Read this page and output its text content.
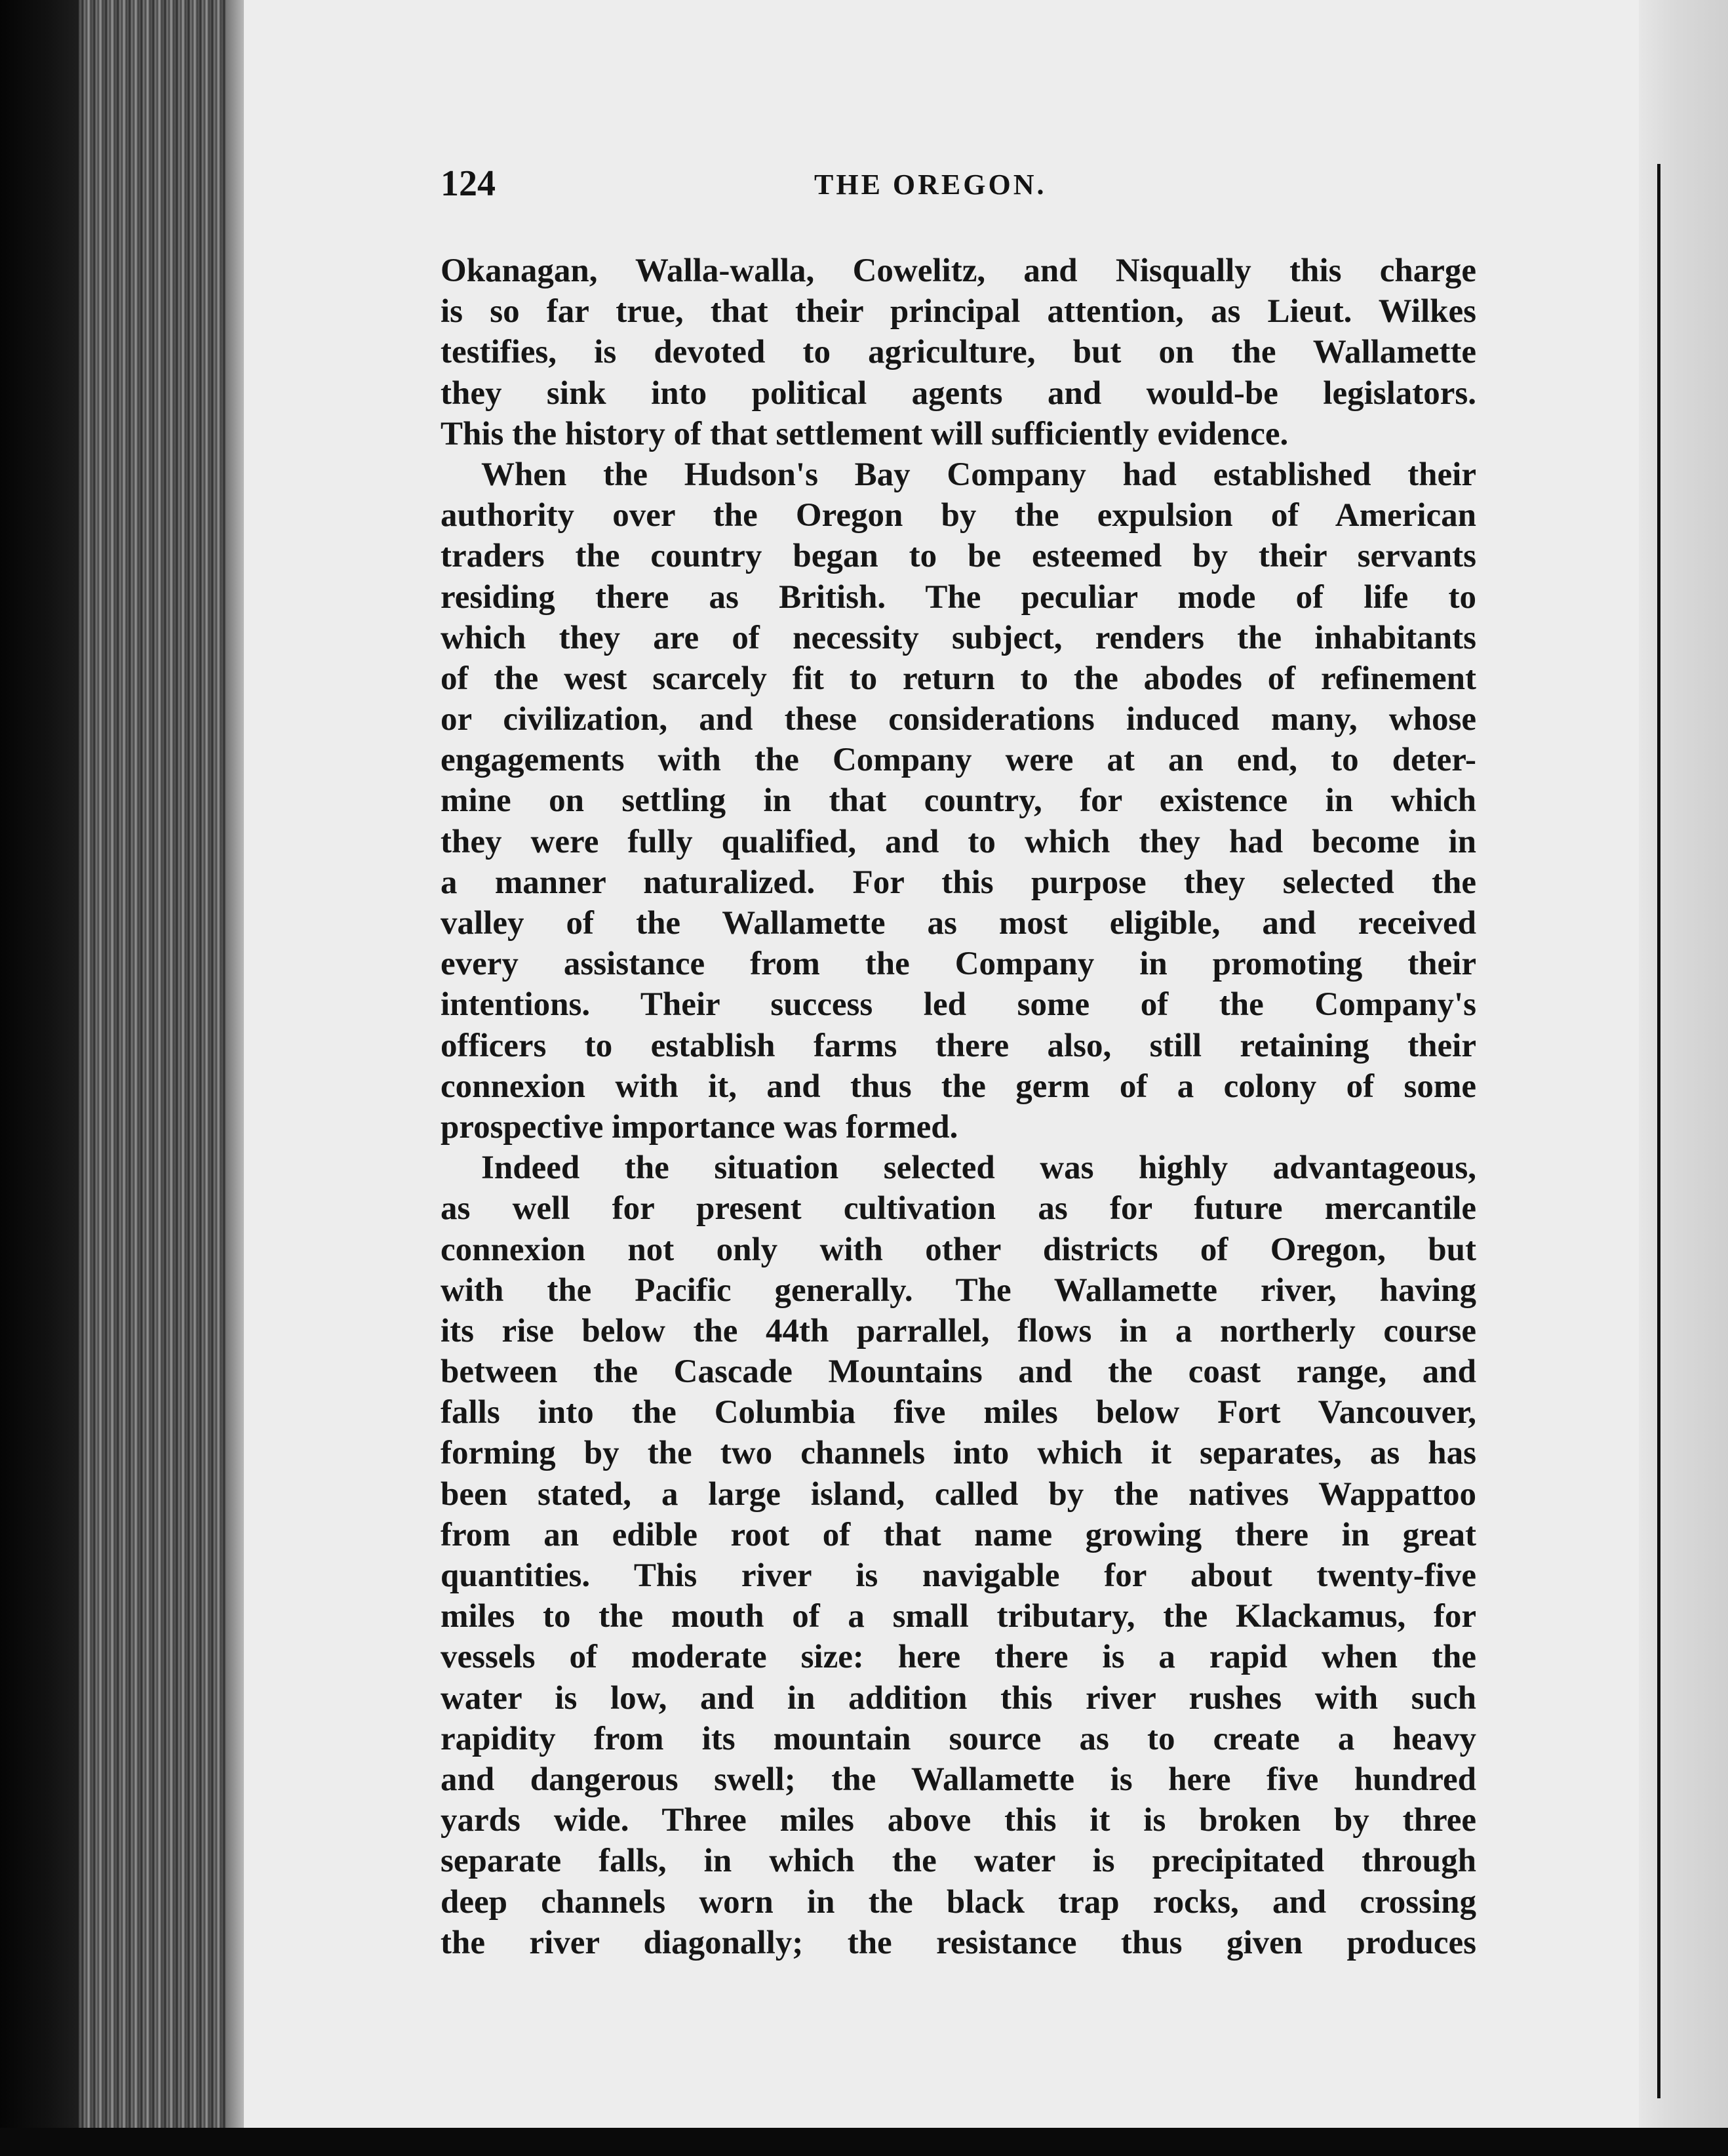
124	THE OREGON.
Okanagan, Walla-walla, Cowelitz, and Nisqually this charge
is so far true, that their principal attention, as Lieut. Wilkes
testifies, is devoted to agriculture, but on the Wallamette
they sink into political agents and would-be legislators.
This the history of that settlement will sufficiently evidence.
When the Hudson's Bay Company had established their
authority over the Oregon by the expulsion of American
traders the country began to be esteemed by their servants
residing there as British. The peculiar mode of life to
which they are of necessity subject, renders the inhabitants
of the west scarcely fit to return to the abodes of refinement
or civilization, and these considerations induced many, whose
engagements with the Company were at an end, to deter-
mine on settling in that country, for existence in which
they were fully qualified, and to which they had become in
a manner naturalized. For this purpose they selected the
valley of the Wallamette as most eligible, and received
every assistance from the Company in promoting their
intentions. Their success led some of the Company's
officers to establish farms there also, still retaining their
connexion with it, and thus the germ of a colony of some
prospective importance was formed.
Indeed the situation selected was highly advantageous,
as well for present cultivation as for future mercantile
connexion not only with other districts of Oregon, but
with the Pacific generally. The Wallamette river, having
its rise below the 44th parrallel, flows in a northerly course
between the Cascade Mountains and the coast range, and
falls into the Columbia five miles below Fort Vancouver,
forming by the two channels into which it separates, as has
been stated, a large island, called by the natives Wappattoo
from an edible root of that name growing there in great
quantities. This river is navigable for about twenty-five
miles to the mouth of a small tributary, the Klackamus, for
vessels of moderate size: here there is a rapid when the
water is low, and in addition this river rushes with such
rapidity from its mountain source as to create a heavy
and dangerous swell; the Wallamette is here five hundred
yards wide. Three miles above this it is broken by three
separate falls, in which the water is precipitated through
deep channels worn in the black trap rocks, and crossing
the river diagonally; the resistance thus given produces
